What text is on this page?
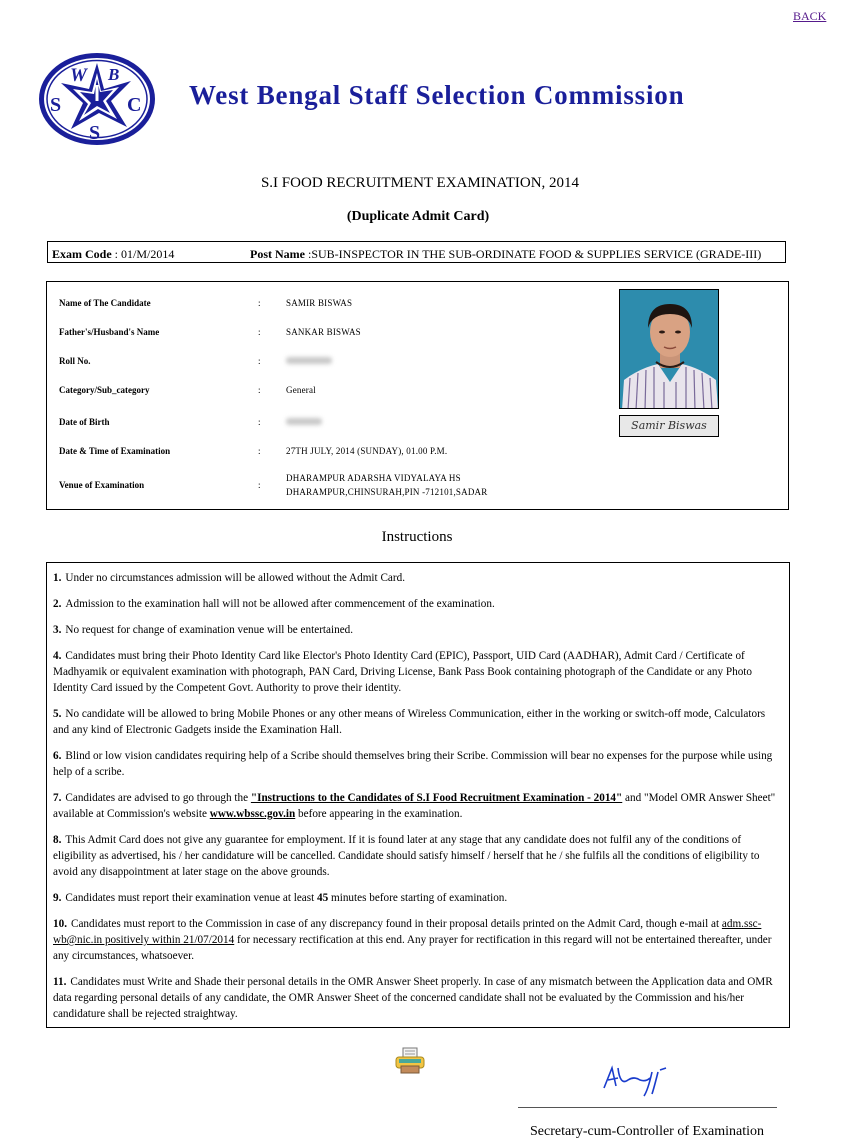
BACK
W B
S	C
S
West Bengal Staff Selection Commission
S.I FOOD RECRUITMENT EXAMINATION, 2014
(Duplicate Admit Card)
Exam Code : 01/M/2014	Post Name :SUB-INSPECTOR IN THE SUB-ORDINATE FOOD & SUPPLIES SERVICE (GRADE-III)
Name of The Candidate	:	SAMIR BISWAS
Father's/Husband's Name	:	SANKAR BISWAS
Roll No.	:
Category/Sub_category	:	General
Date of Birth	:
Date & Time of Examination	:	27TH JULY, 2014 (SUNDAY), 01.00 P.M.
Venue of Examination	:
DHARAMPUR ADARSHA VIDYALAYA HS
DHARAMPUR,CHINSURAH,PIN -712101,SADAR
Samir Biswas
Instructions
1. Under no circumstances admission will be allowed without the Admit Card.
2. Admission to the examination hall will not be allowed after commencement of the examination.
3. No request for change of examination venue will be entertained.
4. Candidates must bring their Photo Identity Card like Elector's Photo Identity Card (EPIC), Passport, UID Card (AADHAR), Admit Card / Certificate of Madhyamik or equivalent examination with photograph, PAN Card, Driving License, Bank Pass Book containing photograph of the Candidate or any Photo Identity Card issued by the Competent Govt. Authority to prove their identity.
5. No candidate will be allowed to bring Mobile Phones or any other means of Wireless Communication, either in the working or switch-off mode, Calculators and any kind of Electronic Gadgets inside the Examination Hall.
6. Blind or low vision candidates requiring help of a Scribe should themselves bring their Scribe. Commission will bear no expenses for the purpose while using help of a scribe.
7. Candidates are advised to go through the "Instructions to the Candidates of S.I Food Recruitment Examination - 2014" and "Model OMR Answer Sheet" available at Commission's website www.wbssc.gov.in before appearing in the examination.
8. This Admit Card does not give any guarantee for employment. If it is found later at any stage that any candidate does not fulfil any of the conditions of eligibility as advertised, his / her candidature will be cancelled. Candidate should satisfy himself / herself that he / she fulfils all the conditions of eligibility to avoid any disappointment at later stage on the above grounds.
9. Candidates must report their examination venue at least 45 minutes before starting of examination.
10. Candidates must report to the Commission in case of any discrepancy found in their proposal details printed on the Admit Card, though e-mail at adm.ssc-wb@nic.in positively within 21/07/2014 for necessary rectification at this end. Any prayer for rectification in this regard will not be entertained thereafter, under any circumstances, whatsoever.
11. Candidates must Write and Shade their personal details in the OMR Answer Sheet properly. In case of any mismatch between the Application data and OMR data regarding personal details of any candidate, the OMR Answer Sheet of the concerned candidate shall not be evaluated by the Commission and his/her candidature shall be rejected straightway.
Secretary-cum-Controller of Examination
